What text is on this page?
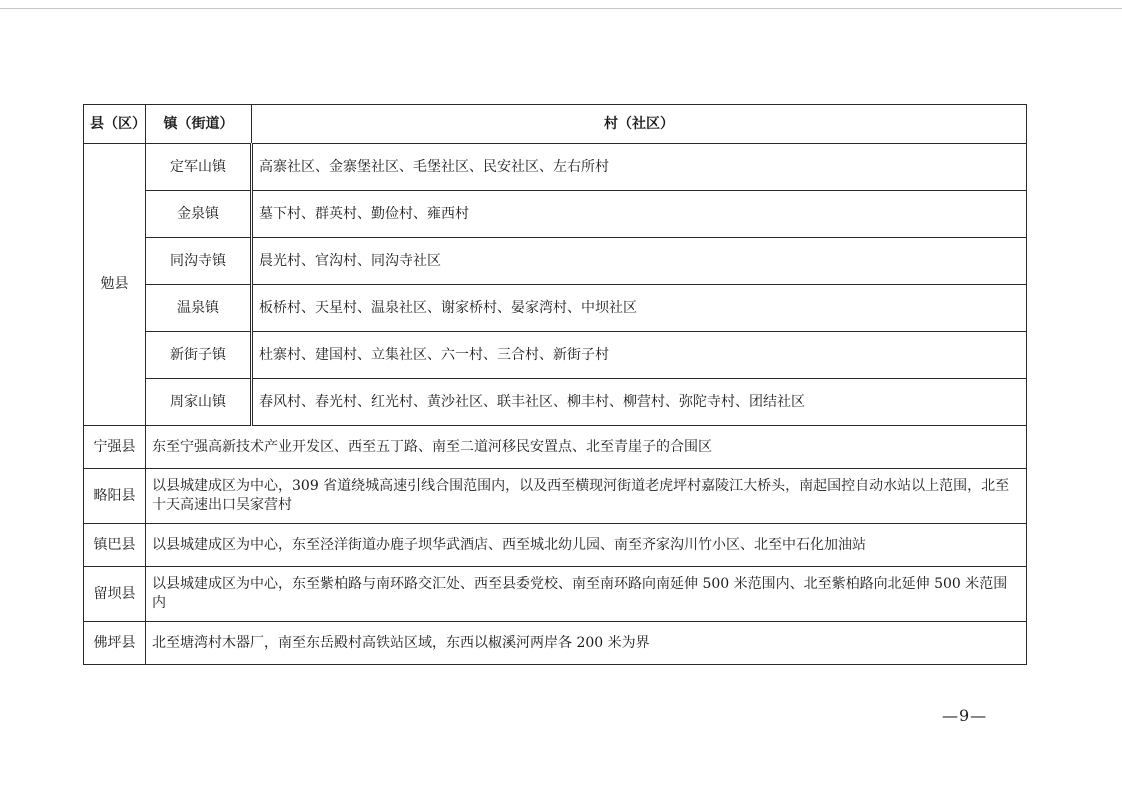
县（区）	镇（街道）	村（社区）
勉县	定军山镇	高寨社区、金寨堡社区、毛堡社区、民安社区、左右所村
	金泉镇	墓下村、群英村、勤俭村、雍西村
	同沟寺镇	晨光村、官沟村、同沟寺社区
	温泉镇	板桥村、天星村、温泉社区、谢家桥村、晏家湾村、中坝社区
	新街子镇	杜寨村、建国村、立集社区、六一村、三合村、新街子村
	周家山镇	春风村、春光村、红光村、黄沙社区、联丰社区、柳丰村、柳营村、弥陀寺村、团结社区
宁强县	东至宁强高新技术产业开发区、西至五丁路、南至二道河移民安置点、北至青崖子的合围区	
略阳县	以县城建成区为中心，309 省道绕城高速引线合围范围内，以及西至横现河街道老虎坪村嘉陵江大桥头，南起国控自动水站以上范围，北至十天高速出口吴家营村	
镇巴县	以县城建成区为中心，东至泾洋街道办鹿子坝华武酒店、西至城北幼儿园、南至齐家沟川竹小区、北至中石化加油站	
留坝县	以县城建成区为中心，东至紫柏路与南环路交汇处、西至县委党校、南至南环路向南延伸 500 米范围内、北至紫柏路向北延伸 500 米范围内	
佛坪县	北至塘湾村木器厂，南至东岳殿村高铁站区域，东西以椒溪河两岸各 200 米为界	
—9—
